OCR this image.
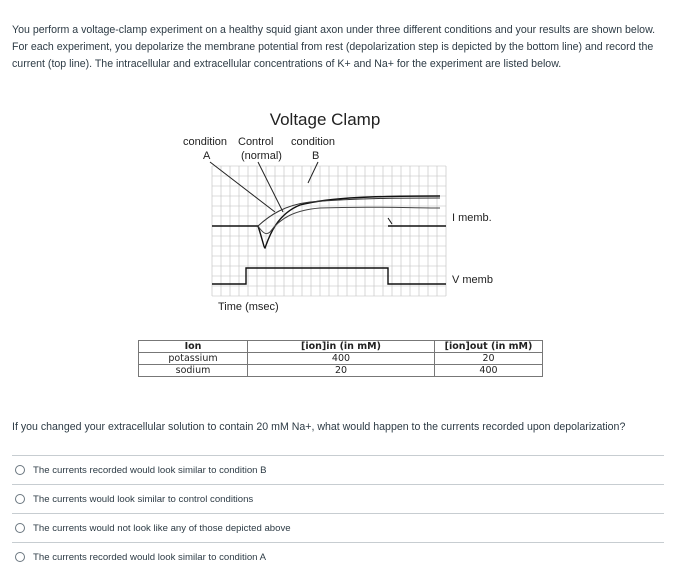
You perform a voltage-clamp experiment on a healthy squid giant axon under three different conditions and your results are shown below.
For each experiment, you depolarize the membrane potential from rest (depolarization step is depicted by the bottom line) and record the
current (top line). The intracellular and extracellular concentrations of K+ and Na+ for the experiment are listed below.
Voltage Clamp
condition
A
Control
(normal)
condition
B
I memb.
V memb
Time (msec)
Ion	[ion]in (in mM)	[ion]out (in mM)
potassium	400	20
sodium	20	400
If you changed your extracellular solution to contain 20 mM Na+, what would happen to the currents recorded upon depolarization?
The currents recorded would look similar to condition B
The currents would look similar to control conditions
The currents would not look like any of those depicted above
The currents recorded would look similar to condition A
